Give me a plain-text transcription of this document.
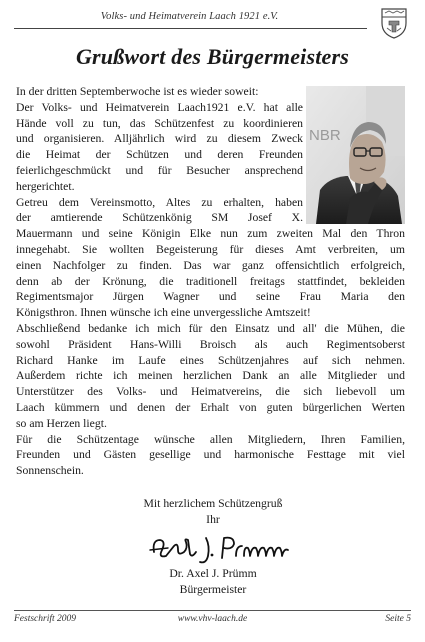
Volks- und Heimatverein Laach 1921 e.V.
Grußwort des Bürgermeisters
NBR
In der dritten Septemberwoche ist es wieder soweit:
Der Volks- und Heimatverein Laach1921 e.V. hat alle
Hände voll zu tun, das Schützenfest zu koordinieren
und organisieren. Alljährlich wird zu diesem Zweck
die Heimat der Schützen und deren Freunden
feierlichgeschmückt und für Besucher ansprechend
hergerichtet.
Getreu dem Vereinsmotto, Altes zu erhalten, haben
der amtierende Schützenkönig SM Josef X.
Mauermann und seine Königin Elke nun zum zweiten Mal den Thron
innegehabt. Sie wollten Begeisterung für dieses Amt verbreiten, um
einen Nachfolger zu finden. Das war ganz offensichtlich erfolgreich,
denn ab der Krönung, die traditionell freitags stattfindet, bekleiden
Regimentsmajor Jürgen Wagner und seine Frau Maria den
Königsthron. Ihnen wünsche ich eine unvergessliche Amtszeit!
Abschließend bedanke ich mich für den Einsatz und all' die Mühen, die
sowohl Präsident Hans-Willi Broisch als auch Regimentsoberst
Richard Hanke im Laufe eines Schützenjahres auf sich nehmen.
Außerdem richte ich meinen herzlichen Dank an alle Mitglieder und
Unterstützer des Volks- und Heimatvereins, die sich liebevoll um
Laach kümmern und denen der Erhalt von guten bürgerlichen Werten
so am Herzen liegt.
Für die Schützentage wünsche allen Mitgliedern, Ihren Familien,
Freunden und Gästen gesellige und harmonische Festtage mit viel
Sonnenschein.
Mit herzlichem Schützengruß
Ihr
Dr. Axel J. Prümm
Bürgermeister
Festschrift 2009	www.vhv-laach.de	Seite 5
